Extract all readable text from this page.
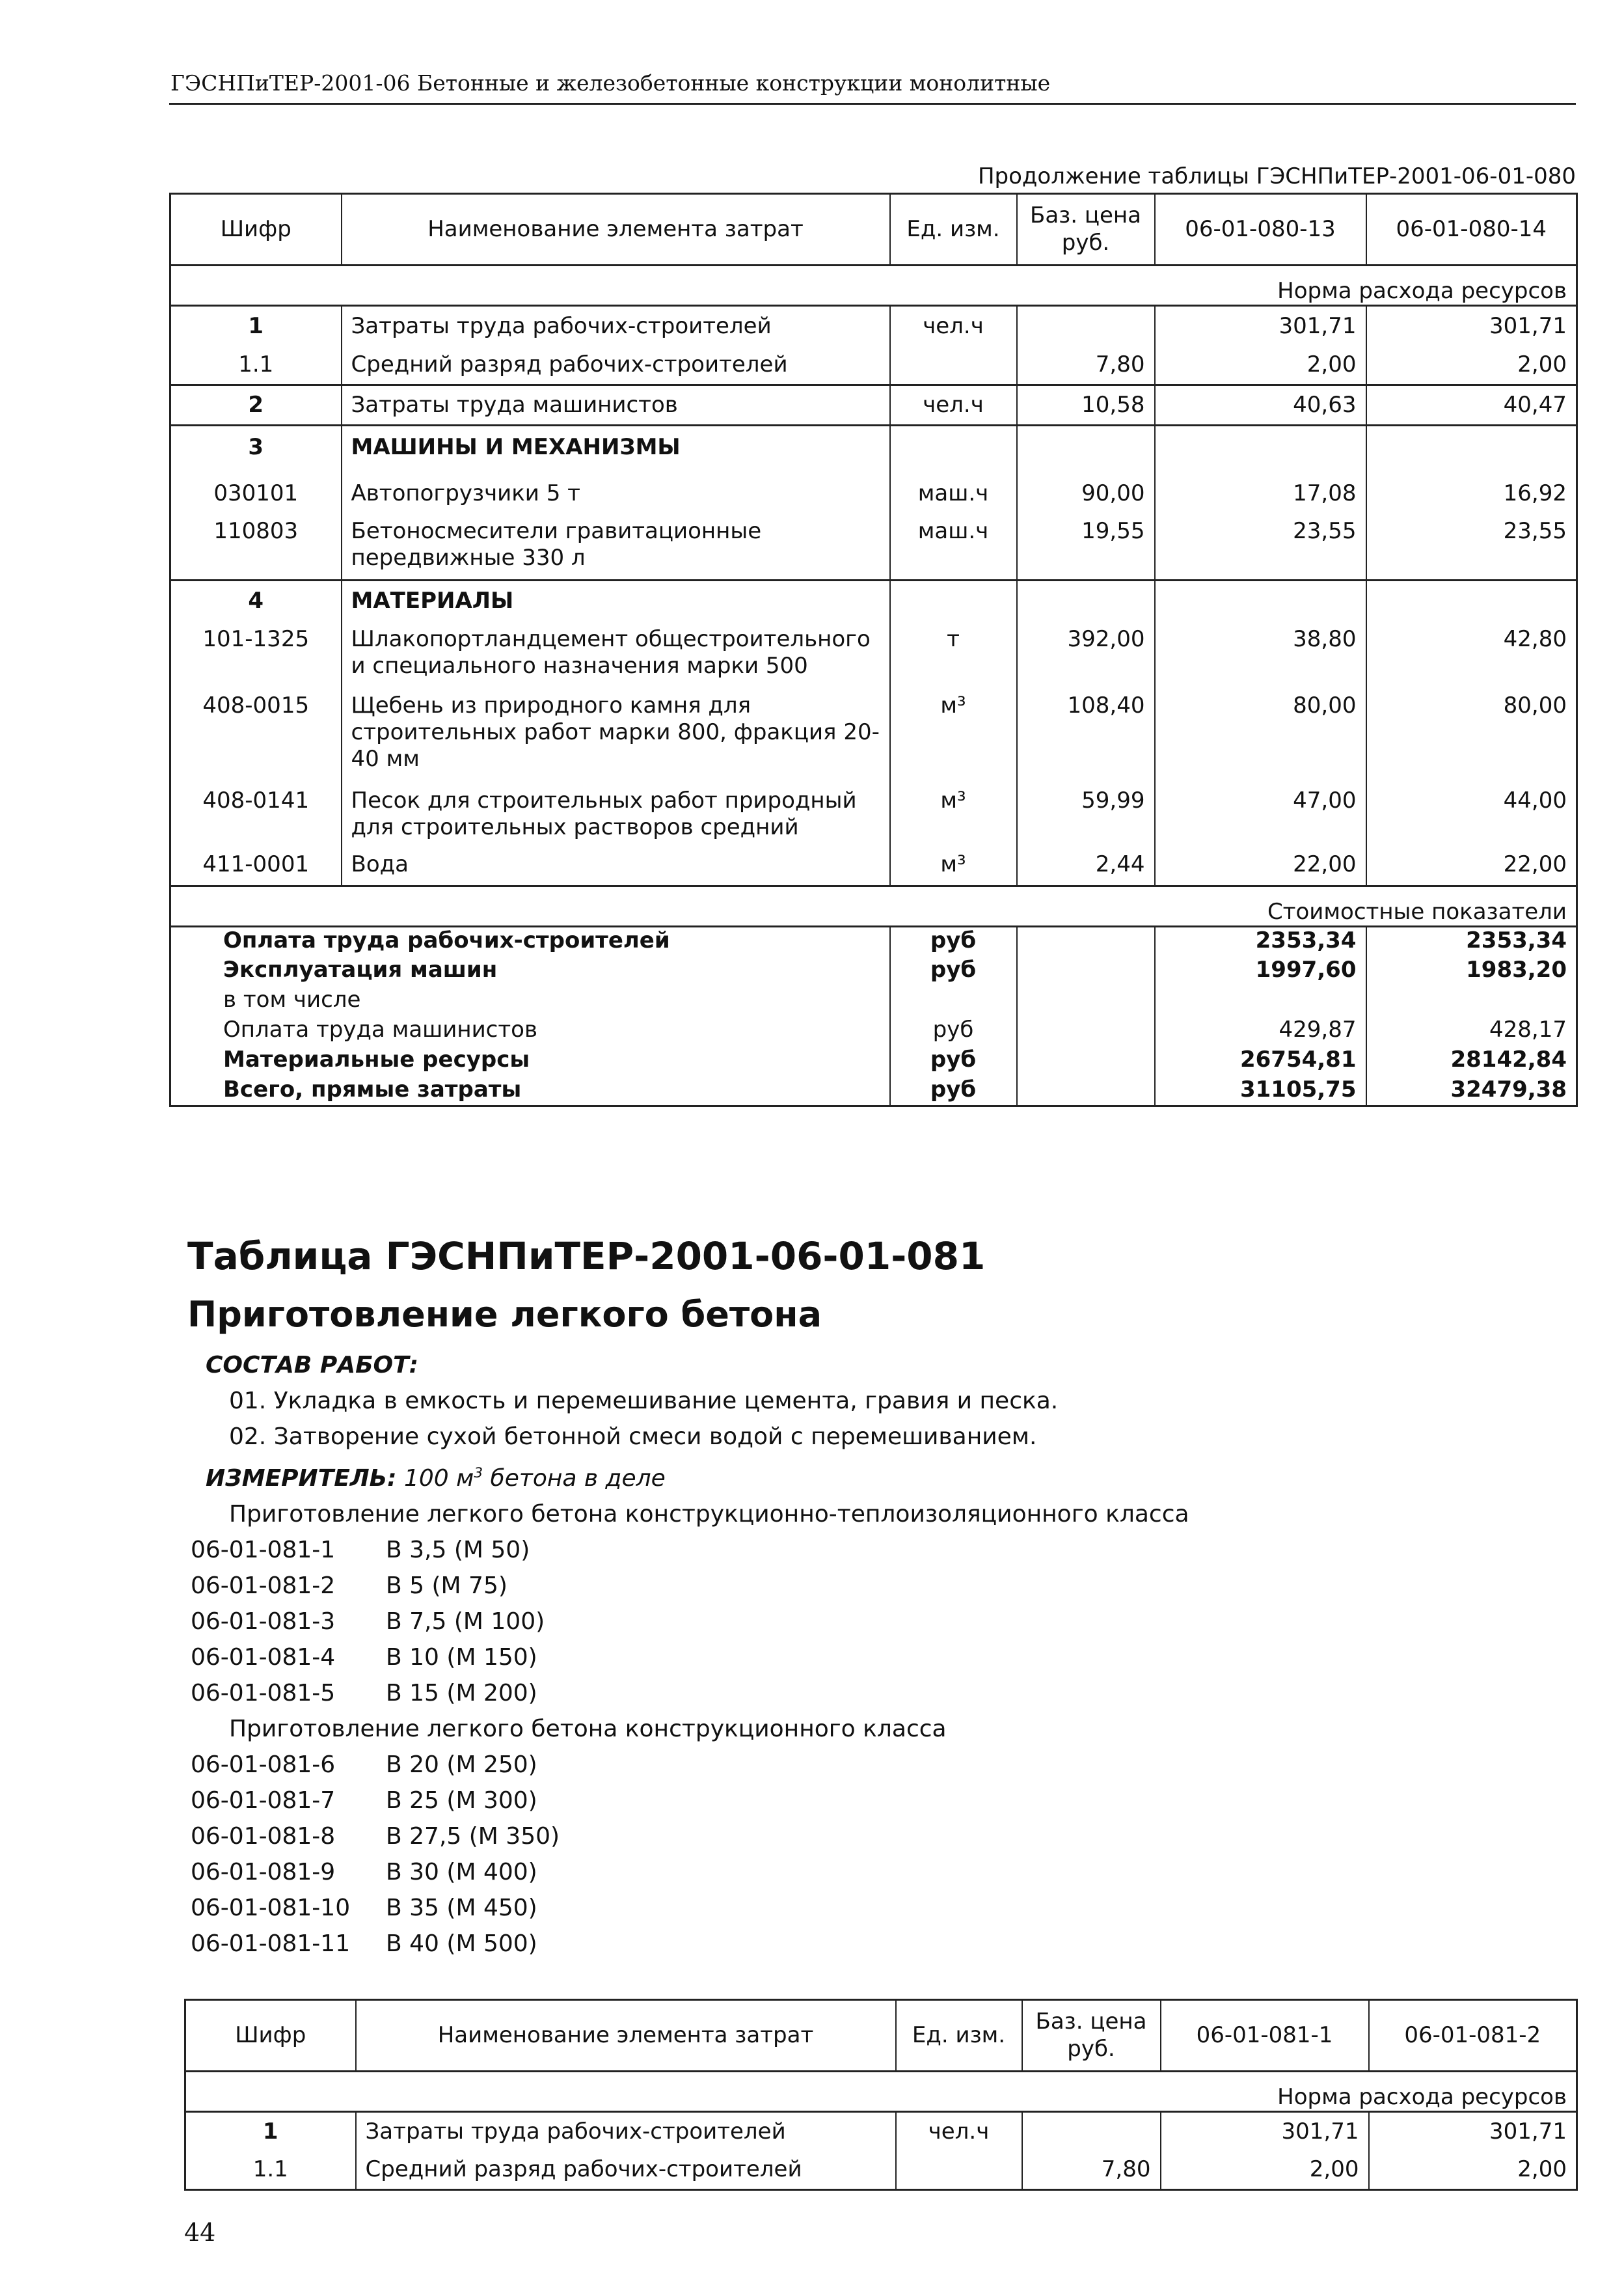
ГЭСНПиТЕР-2001-06 Бетонные и железобетонные конструкции монолитные
Продолжение таблицы ГЭСНПиТЕР-2001-06-01-080
Шифр	Наименование элемента затрат	Ед. изм.	Баз. цена руб.	06-01-080-13	06-01-080-14
Норма расхода ресурсов					
1	Затраты труда рабочих-строителей	чел.ч		301,71	301,71
1.1	Средний разряд рабочих-строителей		7,80	2,00	2,00
2	Затраты труда машинистов	чел.ч	10,58	40,63	40,47
3	МАШИНЫ И МЕХАНИЗМЫ				
030101	Автопогрузчики 5 т	маш.ч	90,00	17,08	16,92
110803	Бетоносмесители гравитационные передвижные 330 л	маш.ч	19,55	23,55	23,55
4	МАТЕРИАЛЫ				
101-1325	Шлакопортландцемент общестроительного и специального назначения марки 500	т	392,00	38,80	42,80
408-0015	Щебень из природного камня для строительных работ марки 800, фракция 20-40 мм	м³	108,40	80,00	80,00
408-0141	Песок для строительных работ природный для строительных растворов средний	м³	59,99	47,00	44,00
411-0001	Вода	м³	2,44	22,00	22,00
Стоимостные показатели					
Оплата труда рабочих-строителей		руб		2353,34	2353,34
Эксплуатация машин		руб		1997,60	1983,20
в том числе					
Оплата труда машинистов		руб		429,87	428,17
Материальные ресурсы		руб		26754,81	28142,84
Всего, прямые затраты		руб		31105,75	32479,38
Таблица ГЭСНПиТЕР-2001-06-01-081
Приготовление легкого бетона
СОСТАВ РАБОТ:
01. Укладка в емкость и перемешивание цемента, гравия и песка.
02. Затворение сухой бетонной смеси водой с перемешиванием.
ИЗМЕРИТЕЛЬ: 100 $м^3$ бетона в деле
Приготовление легкого бетона конструкционно-теплоизоляционного класса
06-01-081-1 В 3,5 (М 50)
06-01-081-2 В 5 (М 75)
06-01-081-3 В 7,5 (М 100)
06-01-081-4 В 10 (М 150)
06-01-081-5 В 15 (М 200)
Приготовление легкого бетона конструкционного класса
06-01-081-6 В 20 (М 250)
06-01-081-7 В 25 (М 300)
06-01-081-8 В 27,5 (М 350)
06-01-081-9 В 30 (М 400)
06-01-081-10 В 35 (М 450)
06-01-081-11 В 40 (М 500)
Шифр	Наименование элемента затрат	Ед. изм.	Баз. цена руб.	06-01-081-1	06-01-081-2
Норма расхода ресурсов					
1	Затраты труда рабочих-строителей	чел.ч		301,71	301,71
1.1	Средний разряд рабочих-строителей		7,80	2,00	2,00
44
